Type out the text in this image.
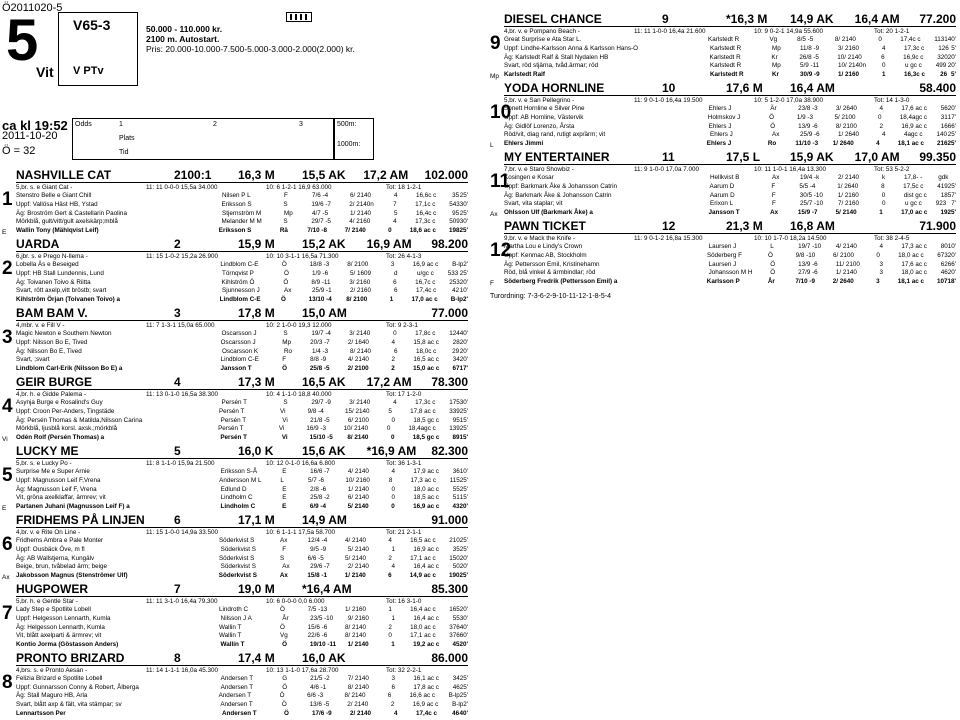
Ö2011020-5
5 V65-3
V PTv
Vit
50.000 - 110.000 kr.
2100 m. Autostart.
Pris: 20.000-10.000-7.500-5.000-3.000-2.000(2.000) kr.
ca kl 19:52
2011-10-20
Ö = 32
Odds	1	2	3
Plats
Tid
500m:
1000m:
NASHVILLE CAT	2100:1	16,3 M	15,5 AK	17,2 AM	102.000
5,br. s. e Giant Cat -	11: 11 0-0-0 15,5a 34.000	10: 6 1-2-1 16,9 63.000	Tot: 18 1-2-1
Stenstro Belle e Giant Chill	Nilsen P L	F	7/6 -4	6/ 2140	4	16,6 c c	35 25'
Uppf: Vallösa Häst HB, Ystad	Eriksson S	S	19/6 -7	2/ 2140n	7	17,1 c c	543 30'
Äg: Broström Gert & Castellarin Paolina	Stjernström M	Mp	4/7 -5	1/ 2140	5	16,4 c c	95 25'
Mörkblå, gult/vitt/gult axelskärp;mblå	Melander M M	S	29/7 -5	4/ 2160	4	17,3 c c	509 30'
Wallin Tony (Mählqvist Leif)	Eriksson S	Rä	7/10 -8	7/ 2140	0	18,6 a c c	198 25'
1
E
UARDA	2	15,9 M	15,2 AK	16,9 AM	98.200
6,jbr. s. e Prego N-Ilema -	11: 15 1-0-2 15,2a 26.900	10: 10 3-1-1 16,5a 71.300	Tot: 26 4-1-3
Lobella Äs e Beseiged	Lindblom C-E	Ö	18/8 -3	8/ 2100	3	16,9 a c c	B-lp 2'
Uppf: HB Stall Lundennis, Lund	Törnqvist P	Ö	1/9 -6	5/ 1609	d	u/g c c	533 25'
Äg: Toivanen Toivo & Riitta	Kihlström Ö	Ö	8/9 -11	3/ 2160	6	16,7 c c	253 20'
Svart, rött axelp,vitt bröstb; svart	Sjunnesson J	Ax	25/9 -1	2/ 2160	6	17,4 c c	42 10'
Kihlström Örjan (Toivanen Toivo) a	Lindblom C-E	Ö	13/10 -4	8/ 2100	1	17,0 a c c	B-lp 2'
2
BAM BAM V.	3	17,8 M	15,0 AM	77.000
4,mbr. v. e Fill V -	11: 7 1-3-1 15,0a 65.000	10: 2 1-0-0 19,3 12.000	Tot: 9 2-3-1
Magic Newton e Southern Newton	Oscarsson J	S	19/7 -4	3/ 2140	0	17,8 c c	124 40'
Uppf: Nilsson Bo E, Tived	Oscarsson J	Mp	20/3 -7	2/ 1640	4	15,8 a c c	28 20'
Äg: Nilsson Bo E, Tived	Oscarsson K	Ro	1/4 -3	8/ 2140	6	18,0 c c	29 20'
Svart, ;svart	Lindblom C-E	F	8/8 -9	4/ 2140	2	16,5 a c c	34 20'
Lindblom Carl-Erik (Nilsson Bo E) a	Jansson T	Ö	25/8 -5	2/ 2100	2	15,0 a c c	67 17'
3
GEIR BURGE	4	17,3 M	16,5 AK	17,2 AM	78.300
4,br. h. e Gidde Palema -	11: 13 0-1-0 16,5a 38.300	10: 4 1-1-0 18,8 40.000	Tot: 17 1-2-0
Asynja Burge e Rosalind's Guy	Persén T	S	29/7 -9	3/ 2140	4	17,3 c c	175 30'
Uppf: Croon Per-Anders, Tingstäde	Persén T	Vi	9/8 -4	15/ 2140	5	17,8 a c c	339 25'
Äg: Persén Thomas & Matilda,Nilsson Carina	Persén T	Vi	21/8 -5	6/ 2100	0	18,5 g c c	95 15'
Mörkblå, ljusblå korsl. axsk.;mörkblå	Persén T	Vi	16/9 -3	10/ 2140	0	18,4ag c c	139 25'
Odén Rolf (Persén Thomas) a	Persén T	Vi	15/10 -5	8/ 2140	0	18,5 g c c	89 15'
4
Vi
LUCKY ME	5	16,0 K	15,6 AK	*16,9 AM	82.300
5,br. s. e Lucky Po -	11: 8 1-1-0 15,9a 21.500	10: 12 0-1-0 16,6a 6.800	Tot: 36 1-3-1
Surprise Me e Super Arnie	Eriksson S-Å	E	16/6 -7	4/ 2140	4	17,9 a c c	36 10'
Uppf: Magnusson Leif F,Vrena	Andersson M L	L	5/7 -6	10/ 2160	8	17,3 a c c	115 25'
Äg: Magnusson Leif F, Vrena	Edlund D	E	2/8 -6	1/ 2140	0	18,0 a c c	55 25'
Vit, gröna axelklaffar, ärmrev; vit	Lindholm C	E	25/8 -2	6/ 2140	0	18,5 a c c	51 15'
Partanen Juhani (Magnusson Leif F) a	Lindholm C	E	6/9 -4	5/ 2140	0	16,9 a c c	43 20'
5
E
FRIDHEMS PÅ LINJEN	6	17,1 M	14,9 AM	91.000
4,br. v. e Rite On Line -	11: 15 1-0-0 14,9a 33.500	10: 6 1-1-1 17,5a 58.700	Tot: 21 2-1-1
Fridhems Ambra e Pale Monter	Söderkvist S	Ax	12/4 -4	4/ 2140	4	16,5 a c c	210 25'
Uppf: Ousbäck Öve, m fl	Söderkvist S	F	9/5 -9	5/ 2140	1	16,9 a c c	35 25'
Äg: AB Wallstjerna, Kungälv	Söderkvist S	S	6/6 -5	5/ 2140	2	17,1 a c c	150 20'
Beige, brun, tvåbelad ärm; beige	Söderkvist S	Ax	29/6 -7	2/ 2140	4	16,4 a c c	50 20'
Jakobsson Magnus (Stenströmer Ulf)	Söderkvist S	Ax	15/8 -1	1/ 2140	6	14,9 a c c	190 25'
6
Ax
HUGPOWER	7	19,0 M	*16,4 AM	85.300
5,br. h. e Gentle Star -	11: 11 3-1-0 16,4a 79.300	10: 6 0-0-0 0,0 6.000	Tot: 16 3-1-0
Lady Step e Spotlite Lobell	Lindroth C	Ö	7/5 -13	1/ 2160	1	16,4 a c c	165 20'
Uppf: Helgesson Lennarth, Kumla	Nilsson J A	År	23/5 -10	9/ 2160	1	16,4 a c c	55 30'
Äg: Helgesson Lennarth, Kumla	Wallin T	Ö	15/6 -6	8/ 2140	2	18,0 a c c	376 40'
Vit, blått axelparti & ärmrev; vit	Wallin T	Vg	22/6 -6	8/ 2140	0	17,1 a c c	376 60'
Kontio Jorma (Göstasson Anders)	Wallin T	Ö	19/10 -11	1/ 2140	1	19,2 a c c	45 20'
7
PRONTO BRIZARD	8	17,4 M	16,0 AK	86.000
4,brs. s. e Pronto Aesan -	11: 14 1-1-1 16,0a 45.300	10: 13 1-1-0 17,6a 28.700	Tot: 32 2-2-1
Felizia Brizard e Spotlite Lobell	Andersen T	G	21/5 -2	7/ 2140	3	16,1 a c c	34 25'
Uppf: Gunnarsson Conny & Robert, Ålberga	Andersen T	Ö	4/6 -1	8/ 2140	6	17,8 a c c	46 25'
Äg: Stall Maguro HB, Arla	Andersen T	Ö	6/6 -3	8/ 2140	6	16,6 a c c	B-lp 25'
Svart, blått axp & fält, vita stämpar; sv	Andersen T	Ö	13/6 -5	2/ 2140	2	16,9 a c c	B-lp 2'
Lennartsson Per	Andersen T	Ö	17/6 -9	2/ 2140	4	17,4 c c	46 40'
8
DIESEL CHANCE	9	*16,3 M	14,9 AK	16,4 AM	77.200
4,br. v. e Pompano Beach -	11: 11 1-0-0 16,4a 21.600	10: 9 0-2-1 14,9a 55.600	Tot: 20 1-2-1
Great Surprise e Ata Star L.	Karlstedt R	Vg	8/5 -5	8/ 2140	0	17,4 c c	1131 40'
Uppf: Lindhe-Karlsson Anna & Karlsson Hans-O	Karlstedt R	Mp	11/8 -9	3/ 2160	4	17,3 c c	126 5'
Äg: Karlstedt Ralf & Stall Nydalen HB	Karlstedt R	Kr	26/8 -5	10/ 2140	6	16,9 c c	320 20'
Svart, röd stjärna, tvåd.ärmar; röd	Karlstedt R	Mp	5/9 -11	10/ 2140n	0	u g c c	499 20'
Karlstedt Ralf	Karlstedt R	Kr	30/9 -9	1/ 2160	1	16,3 c c	26 5'
9
Mp
YODA HORNLINE	10	17,6 M	16,4 AM	58.400
5,br. v. e San Pellegrino -	11: 9 0-1-0 16,4a 19.500	10: 5 1-2-0 17,0a 38.900	Tot: 14 1-3-0
Sonett Hornline e Silver Pine	Ehlers J	Är	23/8 -3	3/ 2640	4	17,6 a c c	56 20'
Uppf: AB Hornline, Västervik	Holmskov J	Ö	1/9 -3	5/ 2100	0	18,4ag c c	31 17'
Äg: Gidlöf Lorenzo, Årsta	Ehlers J	Ö	13/9 -6	8/ 2100	2	16,9 a c c	166 6'
Röd/vit, diag rand, rutigt axp/ärm; vit	Ehlers J	Ax	25/9 -6	1/ 2640	4	4ag c c	140 25'
Ehlers Jimmi	Ehlers J	Ro	11/10 -3	1/ 2640	4	18,1 a c c	216 25'
10
L
MY ENTERTAINER	11	17,5 L	15,9 AK	17,0 AM	99.350
7,br. v. e Staro Showbiz -	11: 9 1-0-0 17,0a 7.000	10: 11 1-0-1 16,4a 13.300	Tot: 53 5-2-2
Kosingen e Kosar	Hellkvist B	Ax	19/4 -k	2/ 2140	k	17,8 - -	gdk
Uppf: Barkmark Åke & Johansson Catrin	Aarum D	F	5/5 -4	1/ 2640	8	17,5 c c	419 25'
Äg: Barkmark Åke & Johansson Catrin	Aarum D	F	30/5 -10	1/ 2160	0	dist g c c	185 7'
Svart, vita staplar; vit	Erixon L	F	25/7 -10	7/ 2160	0	u g c c	923 7'
Ohlsson Ulf (Barkmark Åke) a	Jansson T	Ax	15/9 -7	5/ 2140	1	17,0 a c c	192 5'
11
Ax
PAWN TICKET	12	21,3 M	16,8 AM	71.900
9,br. v. e Mack the Knife -	11: 9 0-1-2 16,8a 15.300	10: 10 1-7-0 18,2a 14.500	Tot: 38 2-4-5
Martha Lou e Lindy's Crown	Laursen J	L	19/7 -10	4/ 2140	4	17,3 a c c	80 10'
Uppf: Kenmac AB, Stockholm	Söderberg F	Ö	9/8 -10	6/ 2100	0	18,0 a c c	673 20'
Äg: Pettersson Emil, Kristinehamn	Laursen J	Ö	13/9 -6	11/ 2100	3	17,6 a c c	626 6'
Röd, blå vinkel & ärmbindlar; röd	Johansson M H	Ö	27/9 -6	1/ 2140	3	18,0 a c c	46 20'
Söderberg Fredrik (Pettersson Emil) a	Karlsson P	År	7/10 -9	2/ 2640	3	18,1 a c c	107 18'
12
F
Turordning: 7-3-6-2-9-10-11-12-1-8-5-4
